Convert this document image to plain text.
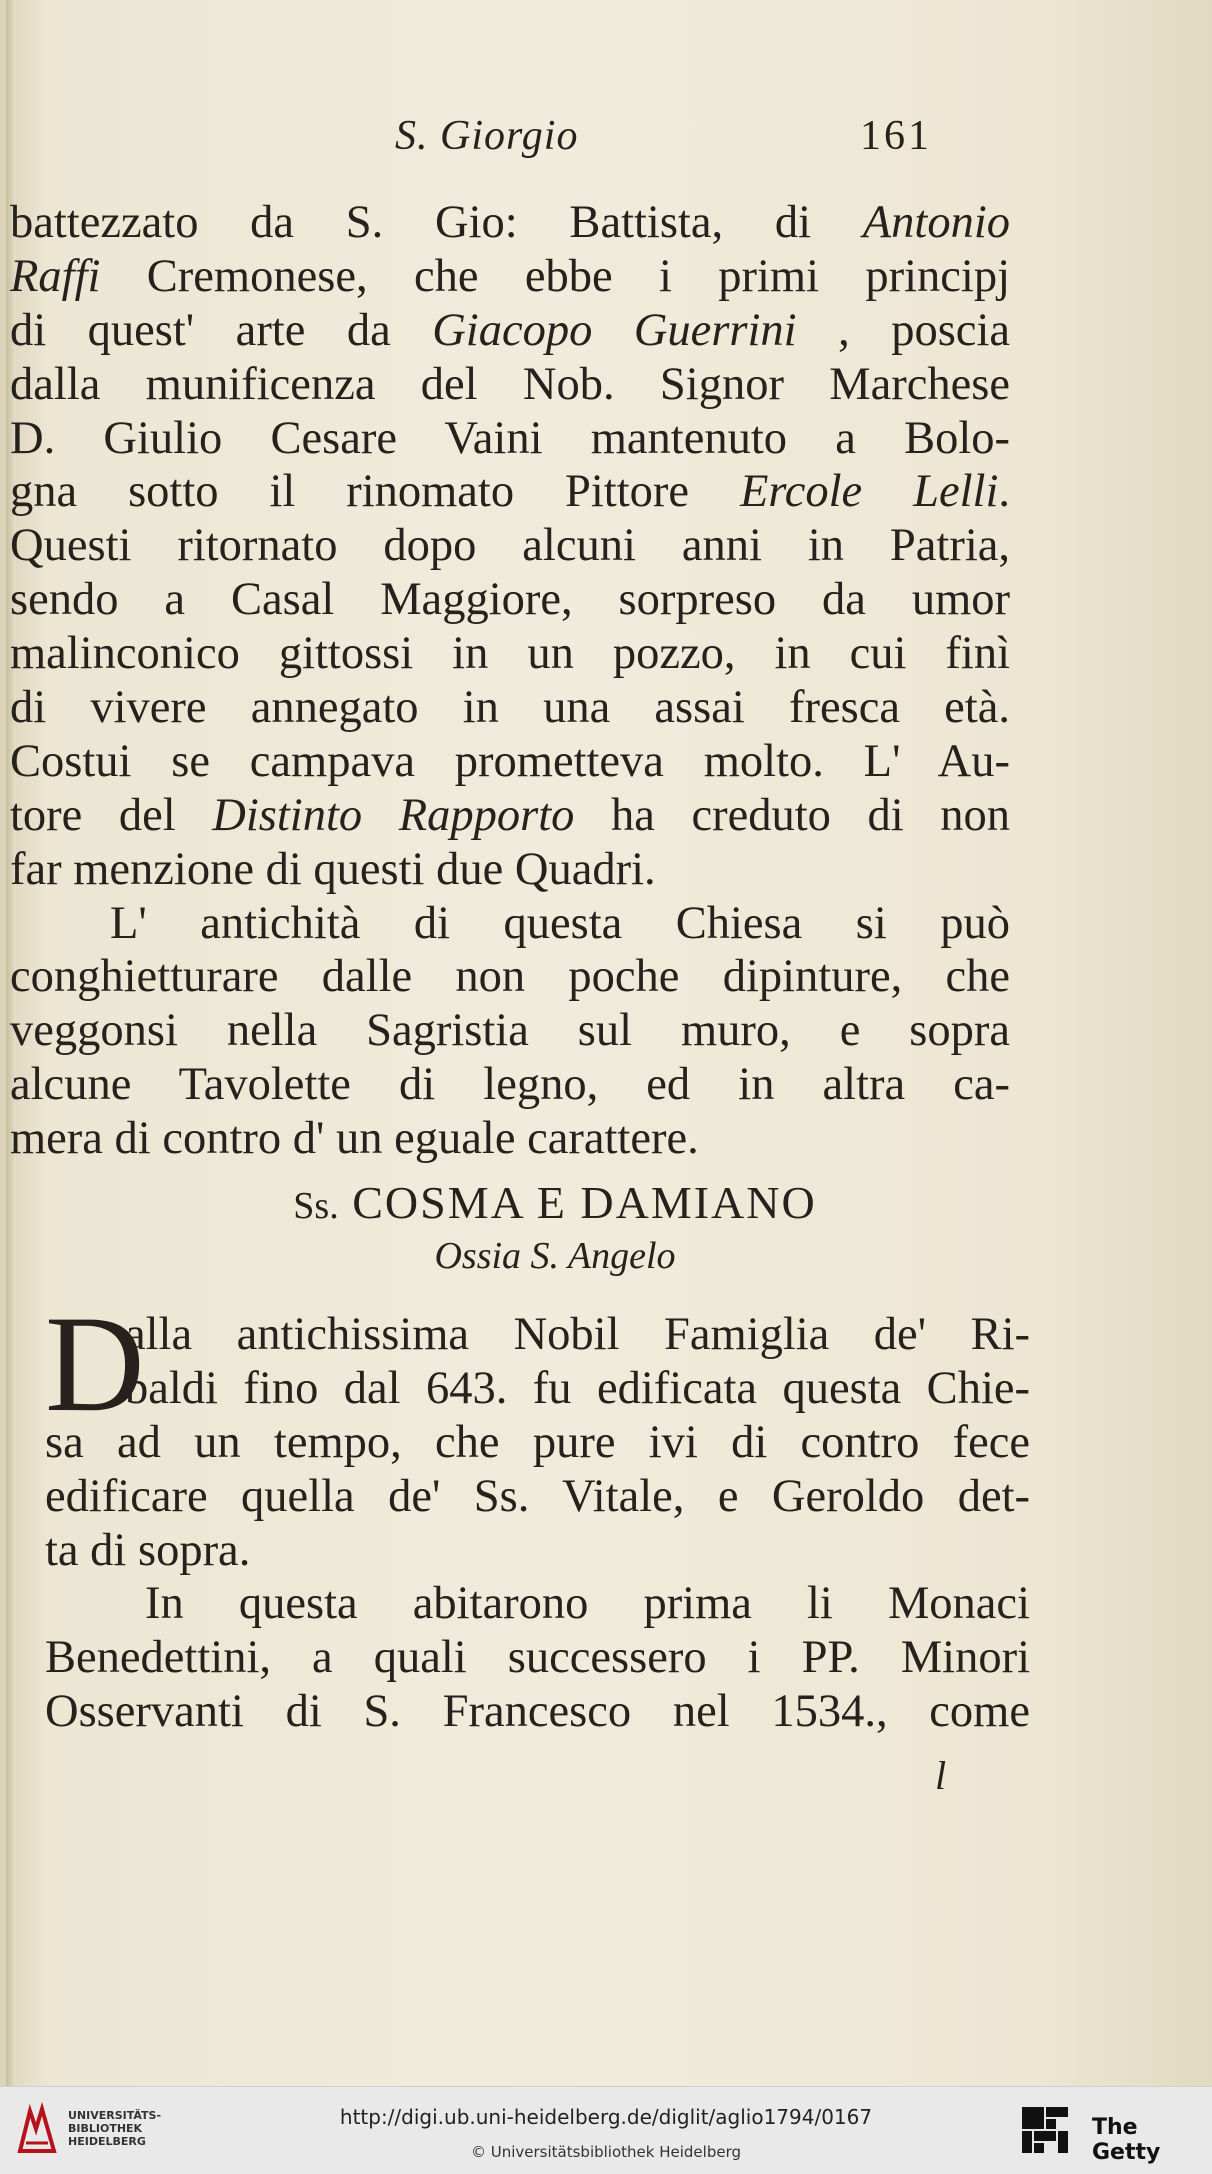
S. Giorgio	161
battezzato da S. Gio: Battista, di Antonio
Raffi Cremonese, che ebbe i primi principj
di quest' arte da Giacopo Guerrini , poscia
dalla munificenza del Nob. Signor Marchese
D. Giulio Cesare Vaini mantenuto a Bolo-
gna sotto il rinomato Pittore Ercole Lelli.
Questi ritornato dopo alcuni anni in Patria,
sendo a Casal Maggiore, sorpreso da umor
malinconico gittossi in un pozzo, in cui finì
di vivere annegato in una assai fresca età.
Costui se campava prometteva molto. L' Au-
tore del Distinto Rapporto ha creduto di non
far menzione di questi due Quadri.
L' antichità di questa Chiesa si può
conghietturare dalle non poche dipinture, che
veggonsi nella Sagristia sul muro, e sopra
alcune Tavolette di legno, ed in altra ca-
mera di contro d' un eguale carattere.
Ss. COSMA E DAMIANO
Ossia S. Angelo
D
alla antichissima Nobil Famiglia de' Ri-
baldi fino dal 643. fu edificata questa Chie-
sa ad un tempo, che pure ivi di contro fece
edificare quella de' Ss. Vitale, e Geroldo det-
ta di sopra.
In questa abitarono prima li Monaci
Benedettini, a quali successero i PP. Minori
Osservanti di S. Francesco nel 1534., come
l
UNIVERSITÄTS-
BIBLIOTHEK
HEIDELBERG
http://digi.ub.uni-heidelberg.de/diglit/aglio1794/0167
© Universitätsbibliothek Heidelberg
The Getty
